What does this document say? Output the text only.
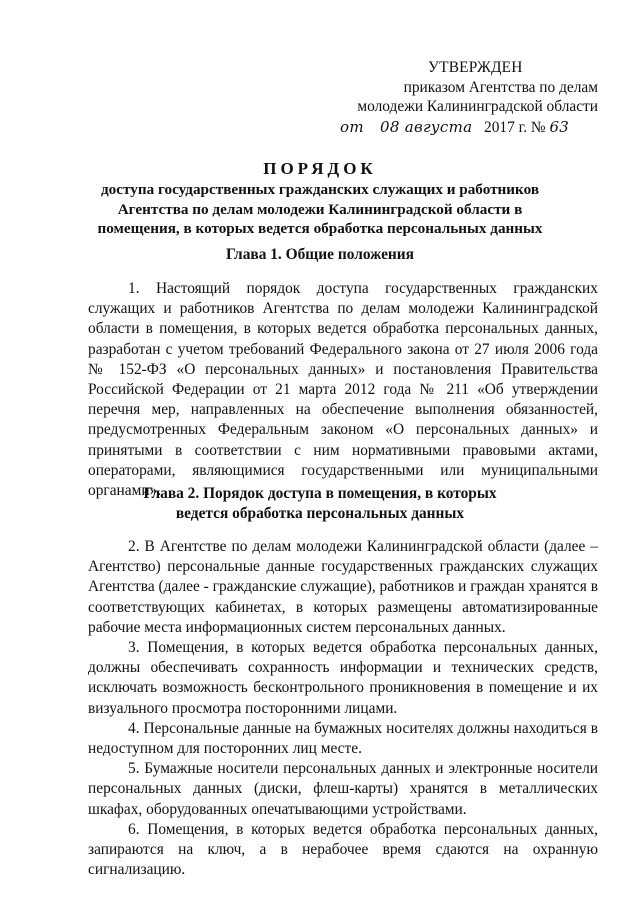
УТВЕРЖДЕН
приказом Агентства по делам
молодежи Калининградской области
от 08 августа 2017 г. № 63
ПОРЯДОК
доступа государственных гражданских служащих и работников Агентства по делам молодежи Калининградской области в помещения, в которых ведется обработка персональных данных
Глава 1. Общие положения

1. Настоящий порядок доступа государственных гражданских служащих и работников Агентства по делам молодежи Калининградской области в помещения, в которых ведется обработка персональных данных, разработан с учетом требований Федерального закона от 27 июля 2006 года № 152-ФЗ «О персональных данных» и постановления Правительства Российской Федерации от 21 марта 2012 года № 211 «Об утверждении перечня мер, направленных на обеспечение выполнения обязанностей, предусмотренных Федеральным законом «О персональных данных» и принятыми в соответствии с ним нормативными правовыми актами, операторами, являющимися государственными или муниципальными органами».

Глава 2. Порядок доступа в помещения, в которых ведется обработка персональных данных

2. В Агентстве по делам молодежи Калининградской области (далее – Агентство) персональные данные государственных гражданских служащих Агентства (далее - гражданские служащие), работников и граждан хранятся в соответствующих кабинетах, в которых размещены автоматизированные рабочие места информационных систем персональных данных.

3. Помещения, в которых ведется обработка персональных данных, должны обеспечивать сохранность информации и технических средств, исключать возможность бесконтрольного проникновения в помещение и их визуального просмотра посторонними лицами.

4. Персональные данные на бумажных носителях должны находиться в недоступном для посторонних лиц месте.

5. Бумажные носители персональных данных и электронные носители персональных данных (диски, флеш-карты) хранятся в металлических шкафах, оборудованных опечатывающими устройствами.

6. Помещения, в которых ведется обработка персональных данных, запираются на ключ, а в нерабочее время сдаются на охранную сигнализацию.
